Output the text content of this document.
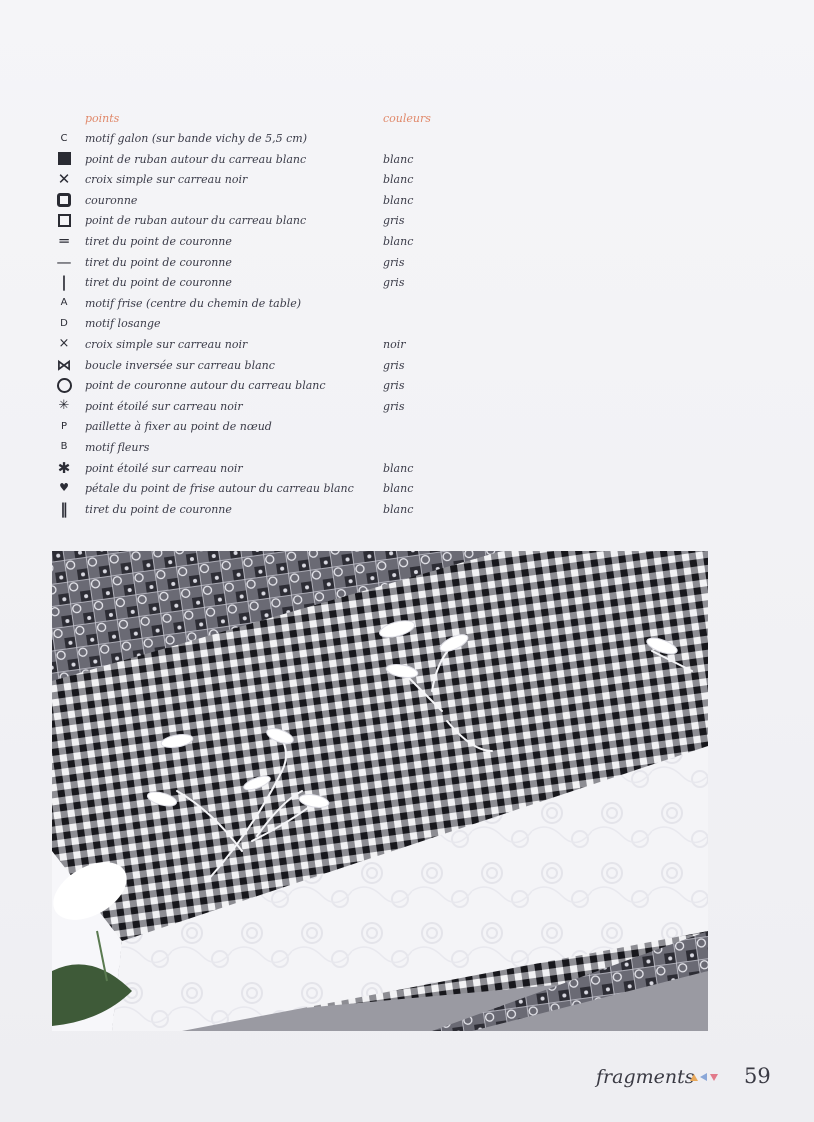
points	couleurs
C	motif galon (sur bande vichy de 5,5 cm)
point de ruban autour du carreau blanc	blanc
✕ croix simple sur carreau noir	blanc
couronne	blanc
point de ruban autour du carreau blanc	gris
═ tiret du point de couronne	blanc
— tiret du point de couronne	gris
| tiret du point de couronne	gris
A	motif frise (centre du chemin de table)
D	motif losange
× croix simple sur carreau noir	noir
⋈ boucle inversée sur carreau blanc	gris
point de couronne autour du carreau blanc	gris
✳ point étoilé sur carreau noir	gris
P	paillette à fixer au point de nœud
B	motif fleurs
✱ point étoilé sur carreau noir	blanc
♥ pétale du point de frise autour du carreau blanc	blanc
‖ tiret du point de couronne	blanc
fragments 59
